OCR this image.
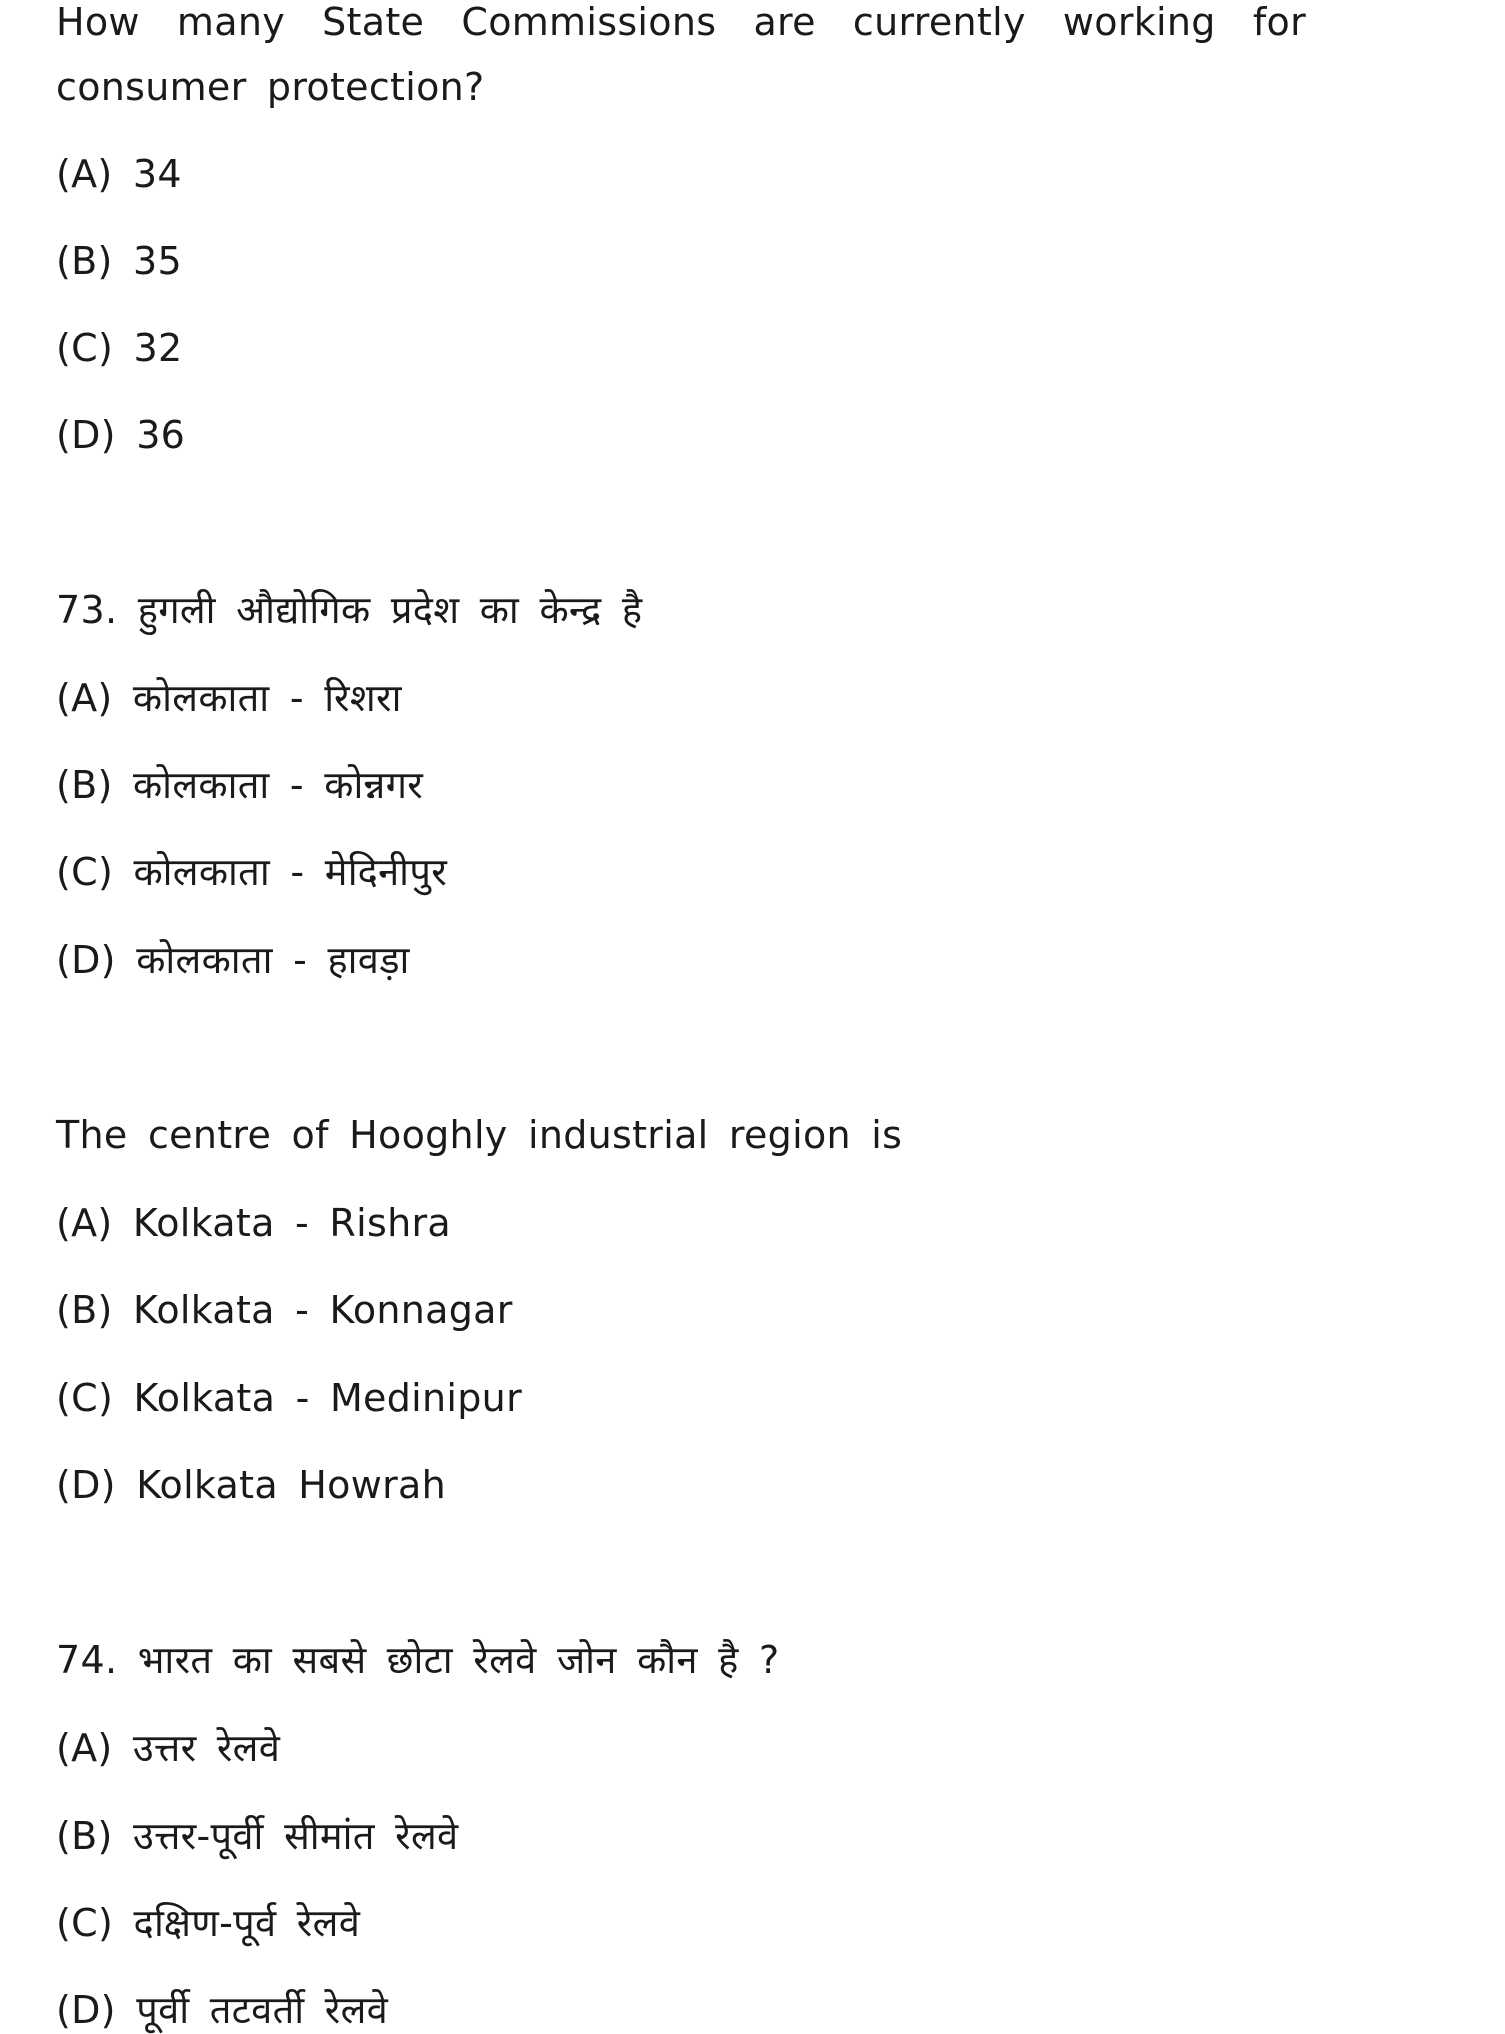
How many State Commissions are currently working for consumer protection?
(A) 34
(B) 35
(C) 32
(D) 36
73. हुगली औद्योगिक प्रदेश का केन्द्र है
(A) कोलकाता - रिशरा
(B) कोलकाता - कोन्नगर
(C) कोलकाता - मेदिनीपुर
(D) कोलकाता - हावड़ा
The centre of Hooghly industrial region is
(A) Kolkata - Rishra
(B) Kolkata - Konnagar
(C) Kolkata - Medinipur
(D) Kolkata Howrah
74. भारत का सबसे छोटा रेलवे जोन कौन है ?
(A) उत्तर रेलवे
(B) उत्तर-पूर्वी सीमांत रेलवे
(C) दक्षिण-पूर्व रेलवे
(D) पूर्वी तटवर्ती रेलवे
